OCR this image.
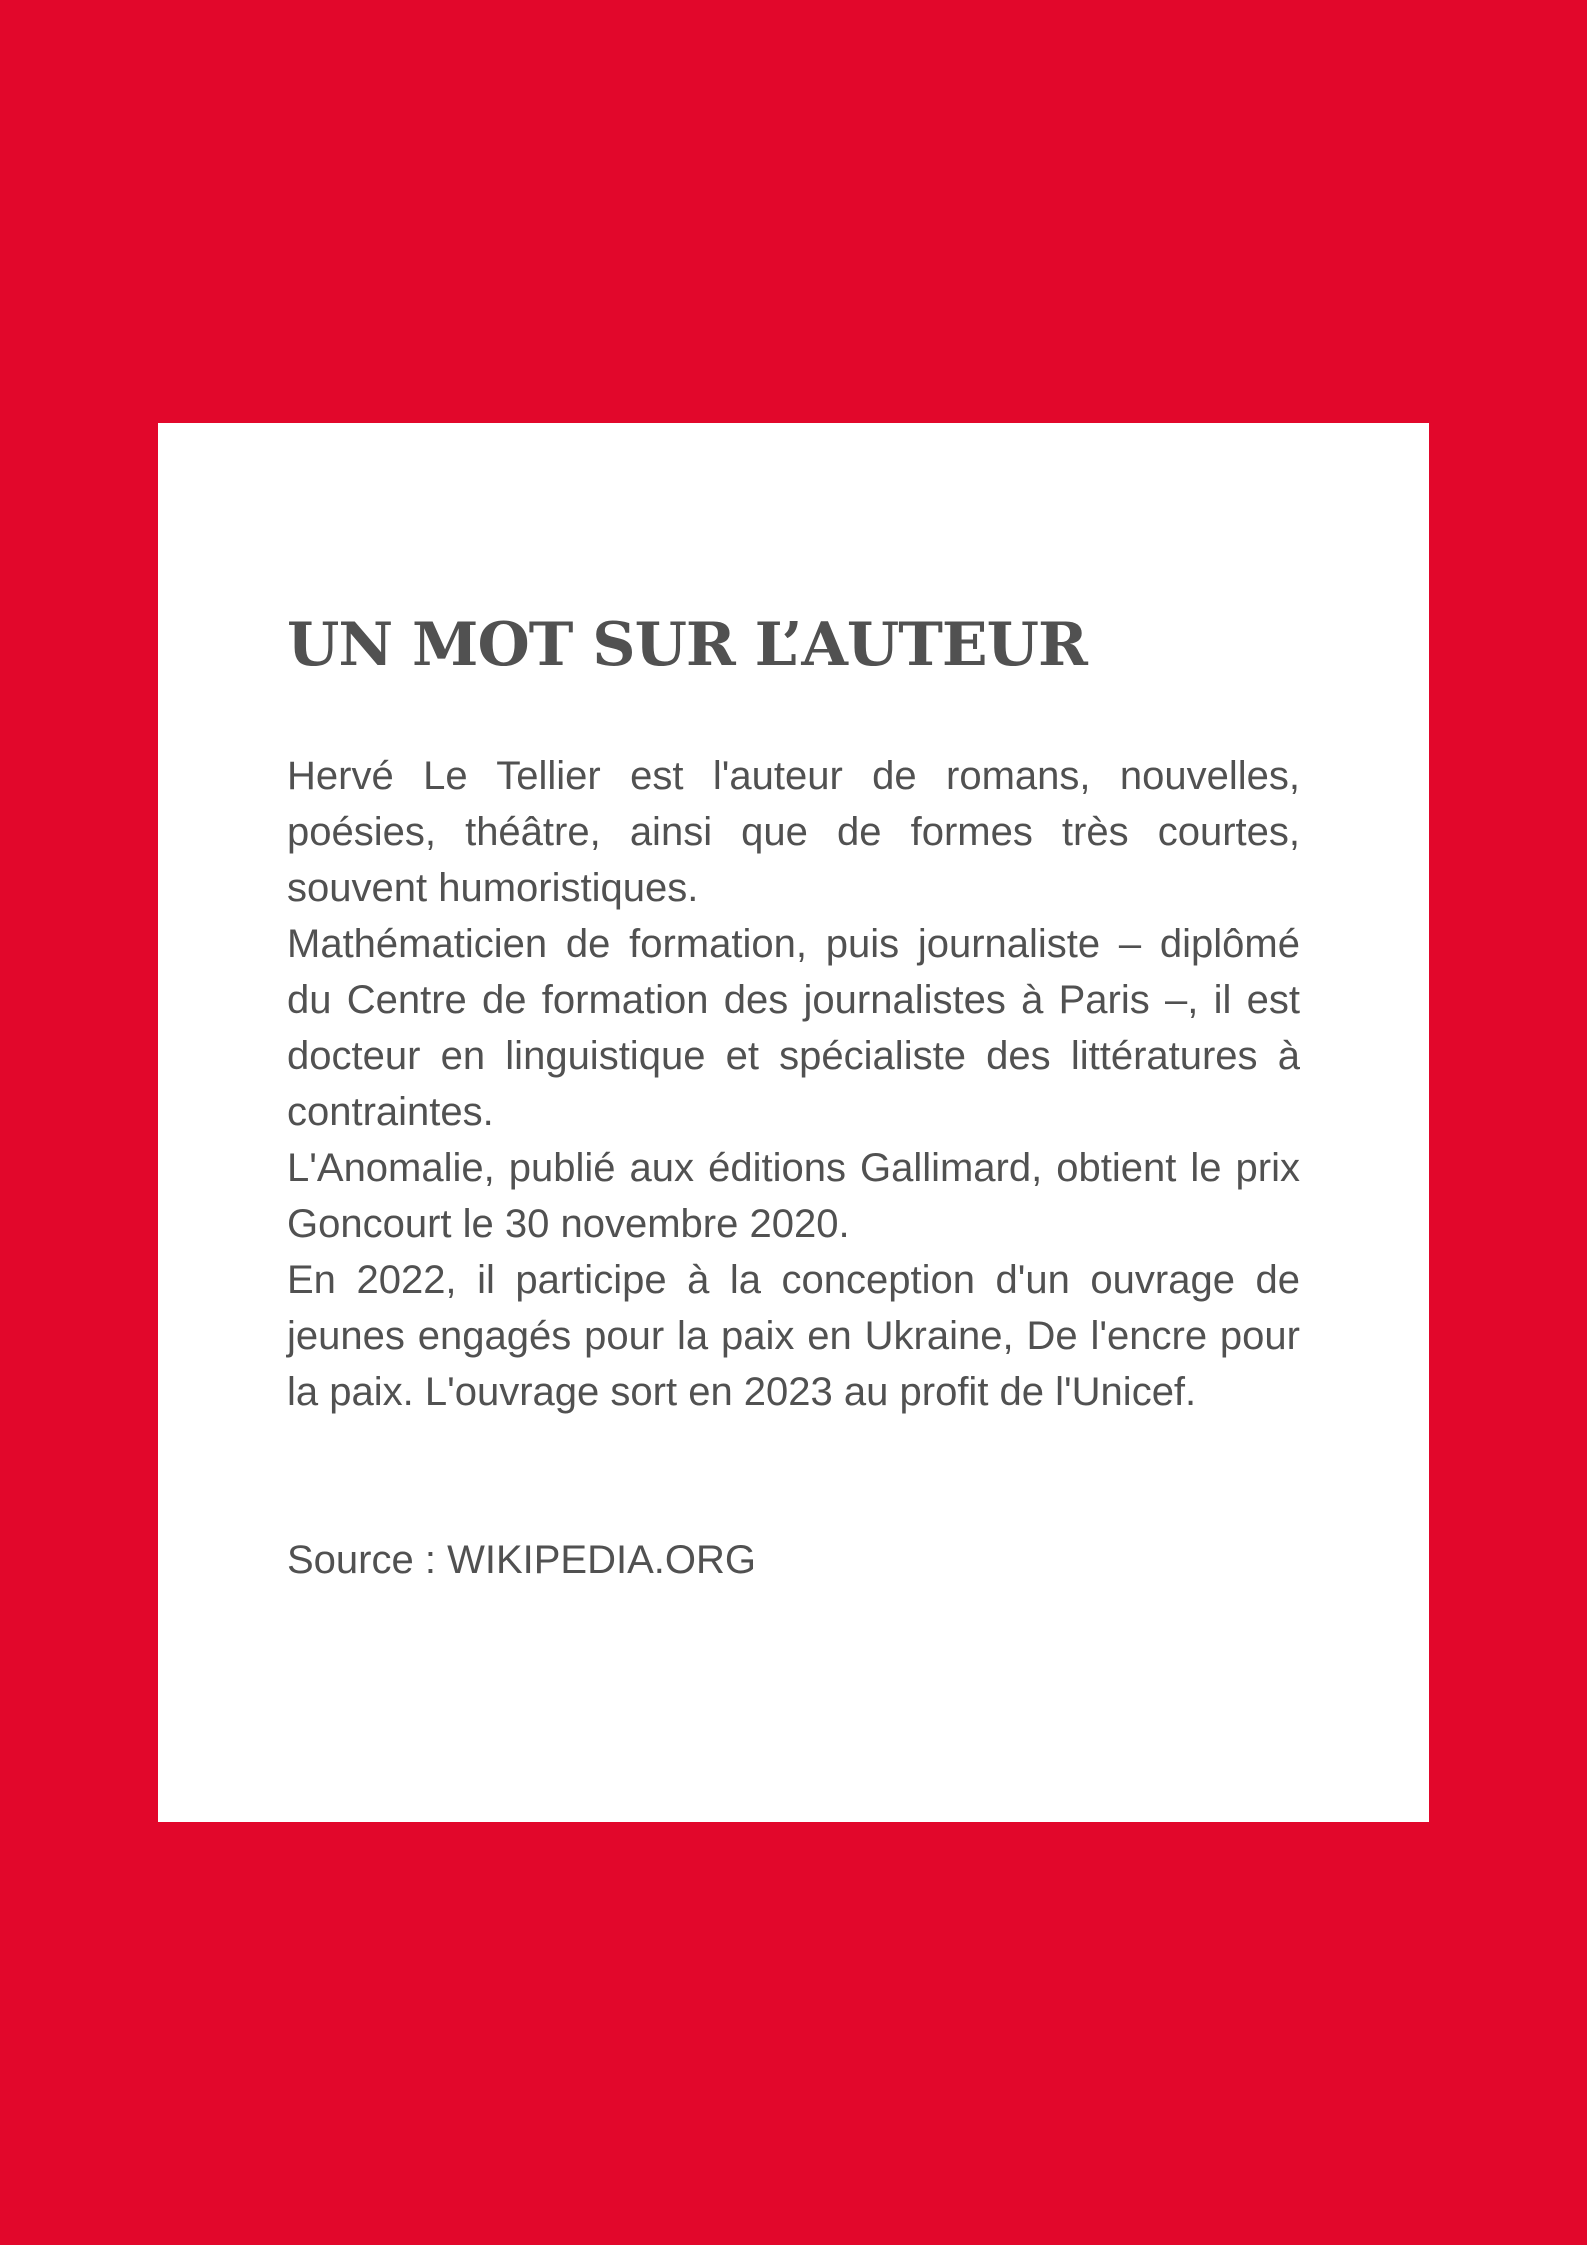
UN MOT SUR L’AUTEUR

Hervé Le Tellier est l'auteur de romans, nouvelles, poésies, théâtre, ainsi que de formes très courtes, souvent humoristiques.

Mathématicien de formation, puis journaliste – diplômé du Centre de formation des journalistes à Paris –, il est docteur en linguistique et spécialiste des littératures à contraintes.

L'Anomalie, publié aux éditions Gallimard, obtient le prix Goncourt le 30 novembre 2020.

En 2022, il participe à la conception d'un ouvrage de jeunes engagés pour la paix en Ukraine, De l'encre pour la paix. L'ouvrage sort en 2023 au profit de l'Unicef.

Source : WIKIPEDIA.ORG
